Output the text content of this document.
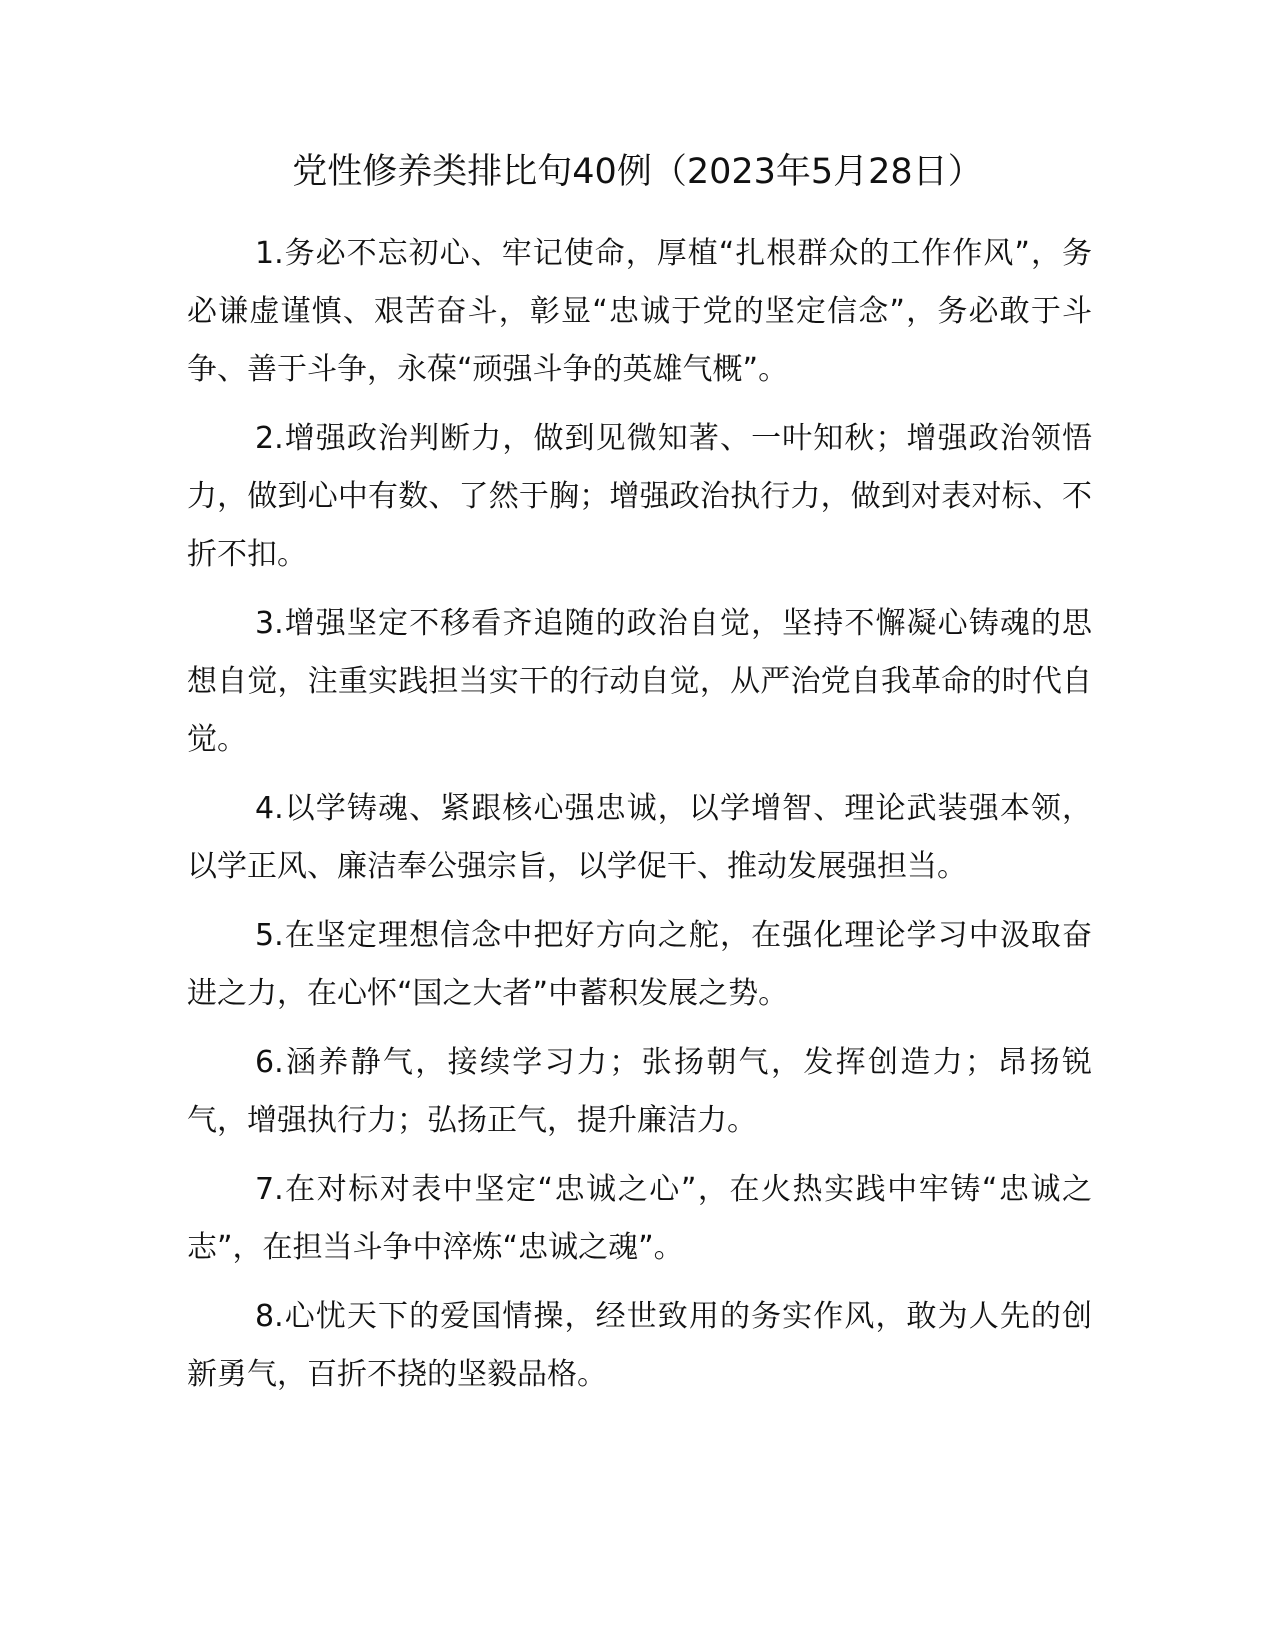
党性修养类排比句40例（2023年5月28日）

1.务必不忘初心、牢记使命，厚植“扎根群众的工作作风”，务必谦虚谨慎、艰苦奋斗，彰显“忠诚于党的坚定信念”，务必敢于斗争、善于斗争，永葆“顽强斗争的英雄气概”。

2.增强政治判断力，做到见微知著、一叶知秋；增强政治领悟力，做到心中有数、了然于胸；增强政治执行力，做到对表对标、不折不扣。

3.增强坚定不移看齐追随的政治自觉，坚持不懈凝心铸魂的思想自觉，注重实践担当实干的行动自觉，从严治党自我革命的时代自觉。

4.以学铸魂、紧跟核心强忠诚，以学增智、理论武装强本领，以学正风、廉洁奉公强宗旨，以学促干、推动发展强担当。

5.在坚定理想信念中把好方向之舵，在强化理论学习中汲取奋进之力，在心怀“国之大者”中蓄积发展之势。

6.涵养静气，接续学习力；张扬朝气，发挥创造力；昂扬锐气，增强执行力；弘扬正气，提升廉洁力。

7.在对标对表中坚定“忠诚之心”，在火热实践中牢铸“忠诚之志”，在担当斗争中淬炼“忠诚之魂”。

8.心忧天下的爱国情操，经世致用的务实作风，敢为人先的创新勇气，百折不挠的坚毅品格。
